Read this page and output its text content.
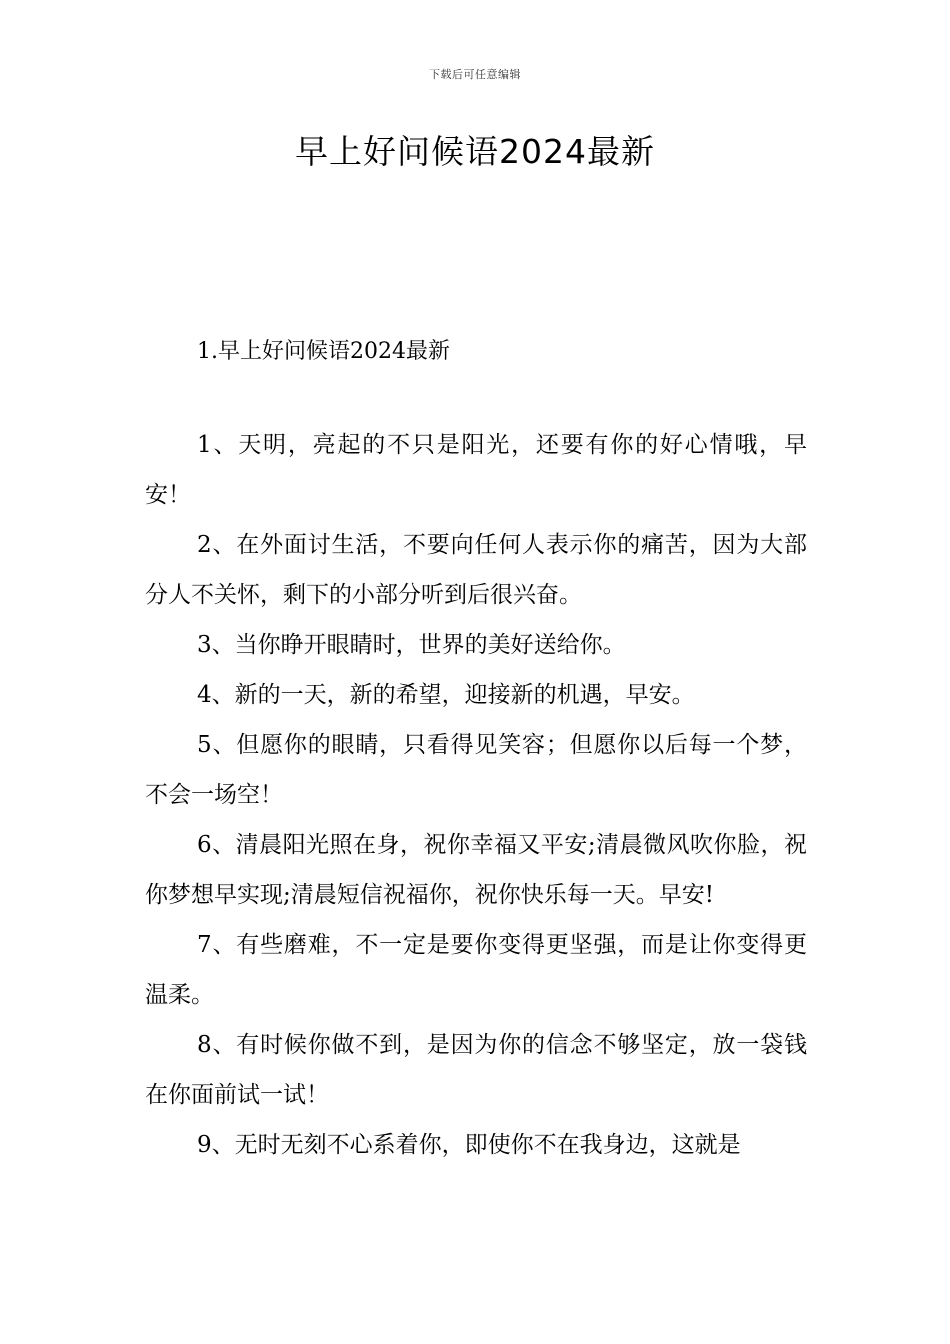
下载后可任意编辑
早上好问候语2024最新
1.早上好问候语2024最新

1、天明，亮起的不只是阳光，还要有你的好心情哦，早安！

2、在外面讨生活，不要向任何人表示你的痛苦，因为大部分人不关怀，剩下的小部分听到后很兴奋。

3、当你睁开眼睛时，世界的美好送给你。

4、新的一天，新的希望，迎接新的机遇，早安。

5、但愿你的眼睛，只看得见笑容；但愿你以后每一个梦，不会一场空！

6、清晨阳光照在身，祝你幸福又平安;清晨微风吹你脸，祝你梦想早实现;清晨短信祝福你，祝你快乐每一天。早安!

7、有些磨难，不一定是要你变得更坚强，而是让你变得更温柔。

8、有时候你做不到，是因为你的信念不够坚定，放一袋钱在你面前试一试！

9、无时无刻不心系着你，即使你不在我身边，这就是
